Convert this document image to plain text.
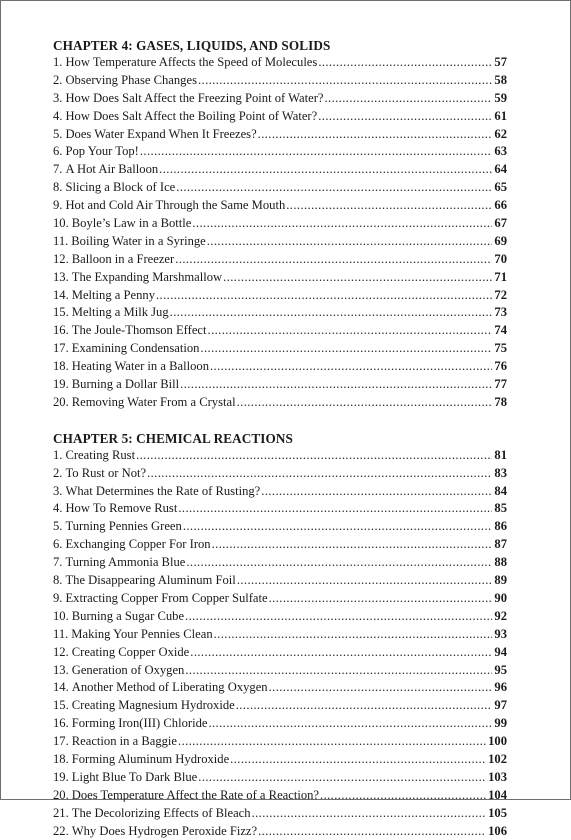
CHAPTER 4: GASES, LIQUIDS, AND SOLIDS
1. How Temperature Affects the Speed of Molecules .....	57
2. Observing Phase Changes .....	58
3. How Does Salt Affect the Freezing Point of Water? .....	59
4. How Does Salt Affect the Boiling Point of Water? .....	61
5. Does Water Expand When It Freezes? .....	62
6. Pop Your Top! .....	63
7. A Hot Air Balloon .....	64
8. Slicing a Block of Ice .....	65
9. Hot and Cold Air Through the Same Mouth .....	66
10. Boyle’s Law in a Bottle .....	67
11. Boiling Water in a Syringe .....	69
12. Balloon in a Freezer .....	70
13. The Expanding Marshmallow .....	71
14. Melting a Penny .....	72
15. Melting a Milk Jug .....	73
16. The Joule-Thomson Effect .....	74
17. Examining Condensation .....	75
18. Heating Water in a Balloon .....	76
19. Burning a Dollar Bill .....	77
20. Removing Water From a Crystal .....	78
CHAPTER 5: CHEMICAL REACTIONS
1. Creating Rust .....	81
2. To Rust or Not? .....	83
3. What Determines the Rate of Rusting? .....	84
4. How To Remove Rust .....	85
5. Turning Pennies Green .....	86
6. Exchanging Copper For Iron .....	87
7. Turning Ammonia Blue .....	88
8. The Disappearing Aluminum Foil .....	89
9. Extracting Copper From Copper Sulfate .....	90
10. Burning a Sugar Cube .....	92
11. Making Your Pennies Clean .....	93
12. Creating Copper Oxide .....	94
13. Generation of Oxygen .....	95
14. Another Method of Liberating Oxygen .....	96
15. Creating Magnesium Hydroxide .....	97
16. Forming Iron(III) Chloride .....	99
17. Reaction in a Baggie .....	100
18. Forming Aluminum Hydroxide .....	102
19. Light Blue To Dark Blue .....	103
20. Does Temperature Affect the Rate of a Reaction? .....	104
21. The Decolorizing Effects of Bleach .....	105
22. Why Does Hydrogen Peroxide Fizz? .....	106
